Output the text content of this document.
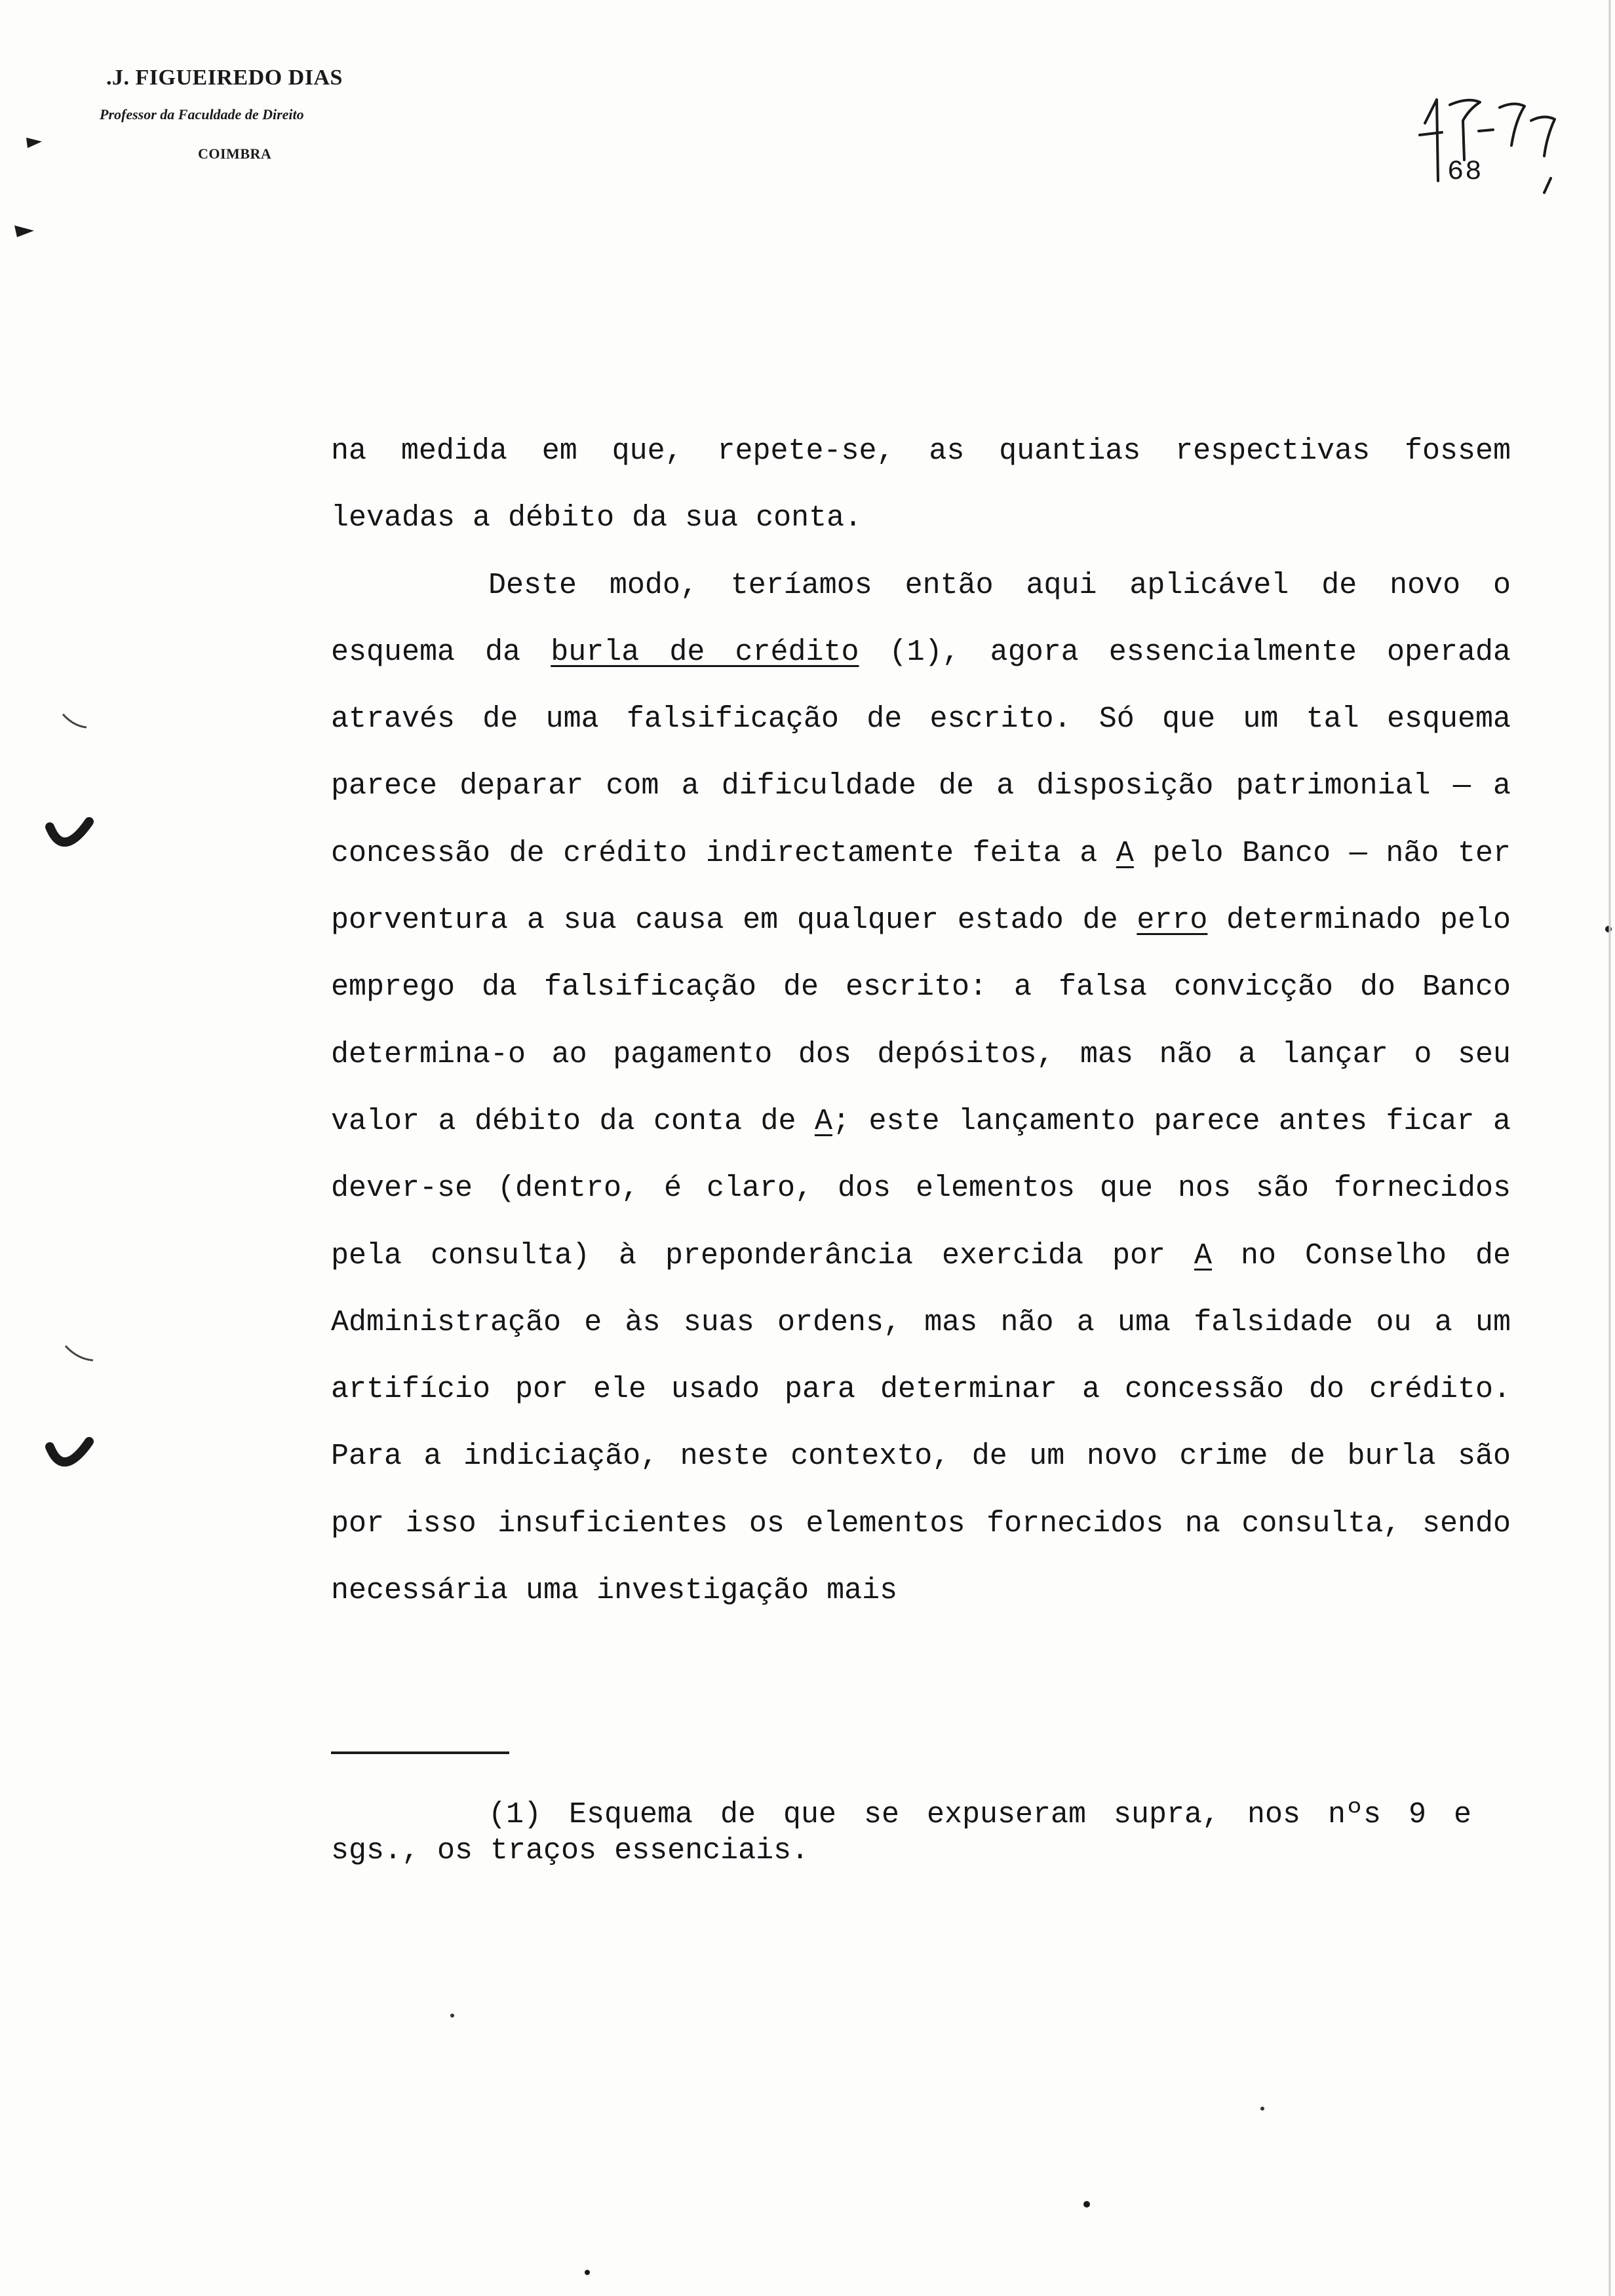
.J. FIGUEIREDO DIAS
Professor da Faculdade de Direito
COIMBRA
68

na medida em que, repete-se, as quantias respectivas fossem levadas a débito da sua conta.

Deste modo, teríamos então aqui aplicável de novo o esquema da burla de crédito (1), agora essencialmente operada através de uma falsificação de escrito. Só que um tal esquema parece deparar com a dificuldade de a disposição patrimonial — a concessão de crédito indirectamente feita a A pelo Banco — não ter porventura a sua causa em qualquer estado de erro determinado pelo emprego da falsificação de escrito: a falsa convicção do Banco determina-o ao pagamento dos depósitos, mas não a lançar o seu valor a débito da conta de A; este lançamento parece antes ficar a dever-se (dentro, é claro, dos elementos que nos são fornecidos pela consulta) à preponderância exercida por A no Conselho de Administração e às suas ordens, mas não a uma falsidade ou a um artifício por ele usado para determinar a concessão do crédito. Para a indiciação, neste contexto, de um novo crime de burla são por isso insuficientes os elementos fornecidos na consulta, sendo necessária uma investigação mais

(1) Esquema de que se expuseram supra, nos nºs 9 e sgs., os traços essenciais.
